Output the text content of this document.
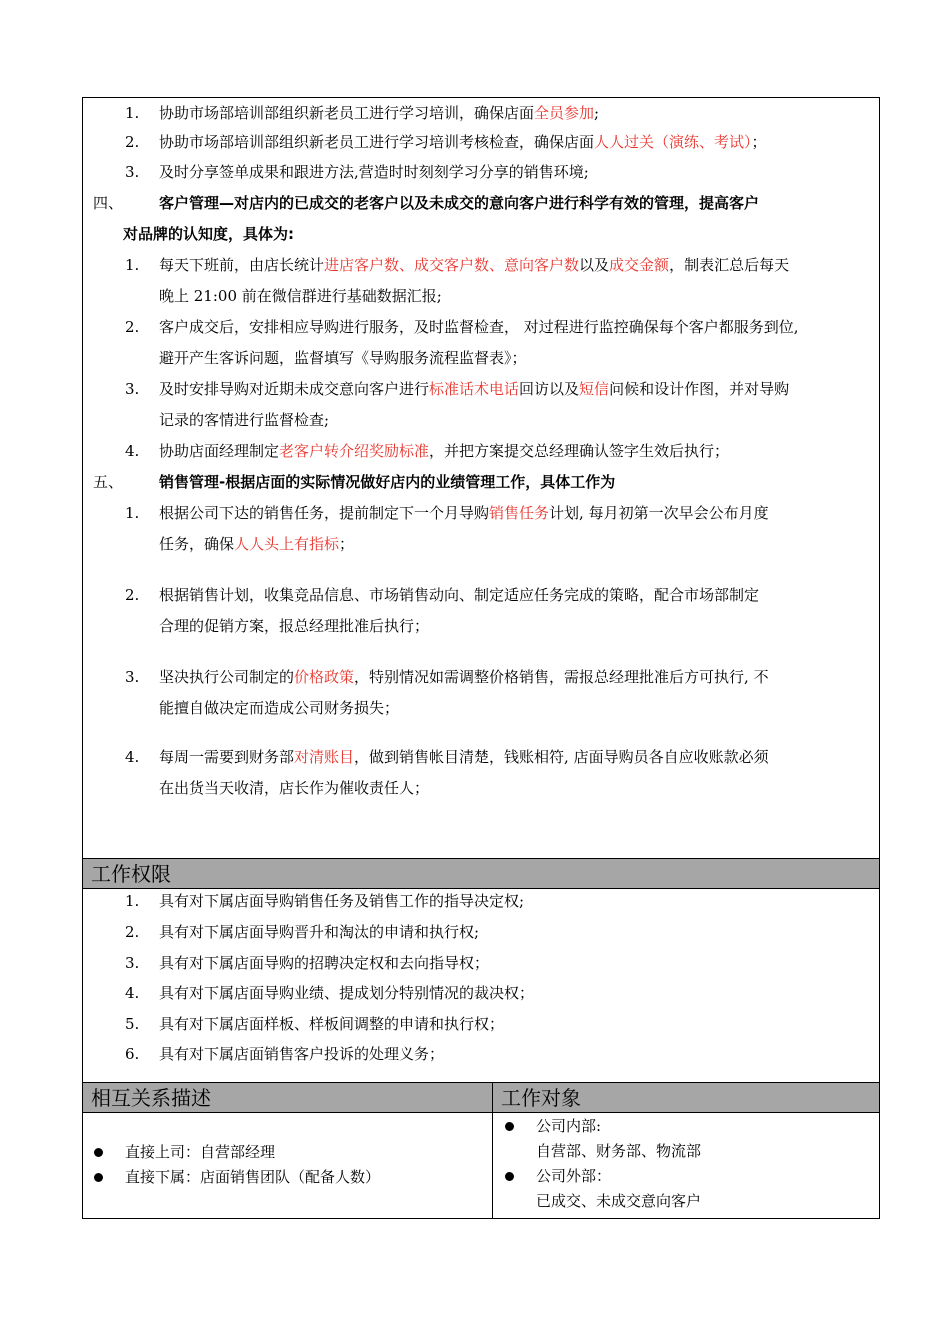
1. 协助市场部培训部组织新老员工进行学习培训，确保店面全员参加;
2. 协助市场部培训部组织新老员工进行学习培训考核检查，确保店面人人过关（演练、考试）；
3. 及时分享签单成果和跟进方法,营造时时刻刻学习分享的销售环境;
四、 客户管理—对店内的已成交的老客户以及未成交的意向客户进行科学有效的管理，提高客户
对品牌的认知度，具体为:
1. 每天下班前，由店长统计进店客户数、成交客户数、意向客户数以及成交金额，制表汇总后每天
晚上 21:00 前在微信群进行基础数据汇报;
2. 客户成交后，安排相应导购进行服务，及时监督检查， 对过程进行监控确保每个客户都服务到位,
避开产生客诉问题，监督填写《导购服务流程监督表》；
3. 及时安排导购对近期未成交意向客户进行标准话术电话回访以及短信问候和设计作图，并对导购
记录的客情进行监督检查;
4. 协助店面经理制定老客户转介绍奖励标准，并把方案提交总经理确认签字生效后执行；
五、 销售管理-根据店面的实际情况做好店内的业绩管理工作，具体工作为
1. 根据公司下达的销售任务，提前制定下一个月导购销售任务计划, 每月初第一次早会公布月度
任务，确保人人头上有指标；
2. 根据销售计划，收集竞品信息、市场销售动向、制定适应任务完成的策略，配合市场部制定
合理的促销方案，报总经理批准后执行；
3. 坚决执行公司制定的价格政策，特别情况如需调整价格销售，需报总经理批准后方可执行, 不
能擅自做决定而造成公司财务损失；
4. 每周一需要到财务部对清账目，做到销售帐目清楚，钱账相符, 店面导购员各自应收账款必须
在出货当天收清，店长作为催收责任人；
工作权限
1. 具有对下属店面导购销售任务及销售工作的指导决定权;
2. 具有对下属店面导购晋升和淘汰的申请和执行权;
3. 具有对下属店面导购的招聘决定权和去向指导权；
4. 具有对下属店面导购业绩、提成划分特别情况的裁决权；
5. 具有对下属店面样板、样板间调整的申请和执行权；
6. 具有对下属店面销售客户投诉的处理义务；
相互关系描述
直接上司：自营部经理
直接下属：店面销售团队（配备人数）
工作对象
公司内部:
自营部、财务部、物流部
公司外部：
已成交、未成交意向客户
